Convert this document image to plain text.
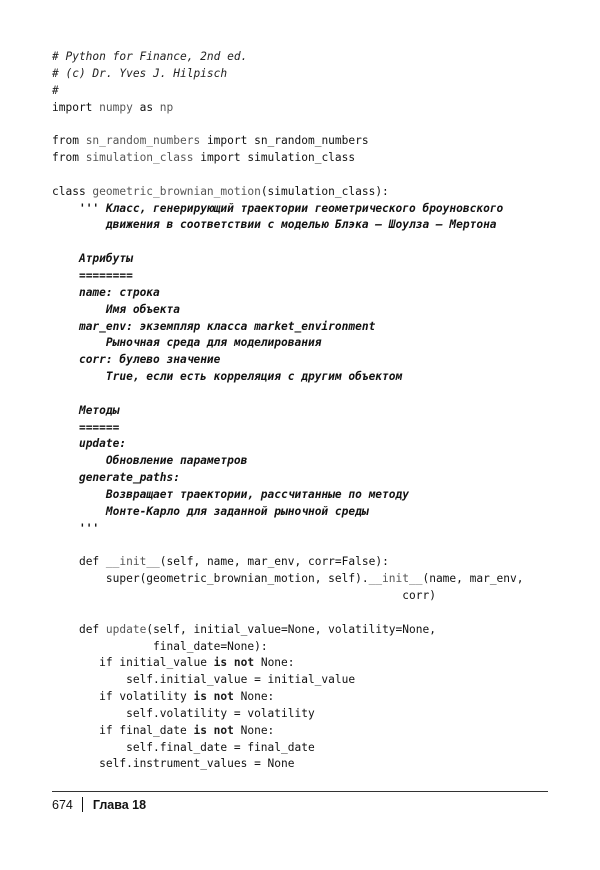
# Python for Finance, 2nd ed.
# (c) Dr. Yves J. Hilpisch
#
import numpy as np
from sn_random_numbers import sn_random_numbers
from simulation_class import simulation_class
class geometric_brownian_motion(simulation_class):
''' Класс, генерирующий траектории геометрического броуновского
движения в соответствии с моделью Блэка — Шоулза — Мертона
Атрибуты
========
name: строка
Имя объекта
mar_env: экземпляр класса market_environment
Рыночная среда для моделирования
corr: булево значение
True, если есть корреляция с другим объектом
Методы
======
update:
Обновление параметров
generate_paths:
Возвращает траектории, рассчитанные по методу
Монте-Карло для заданной рыночной среды
'''
def __init__(self, name, mar_env, corr=False):
super(geometric_brownian_motion, self).__init__(name, mar_env,
corr)
def update(self, initial_value=None, volatility=None,
final_date=None):
if initial_value is not None:
self.initial_value = initial_value
if volatility is not None:
self.volatility = volatility
if final_date is not None:
self.final_date = final_date
self.instrument_values = None
674 Глава 18
